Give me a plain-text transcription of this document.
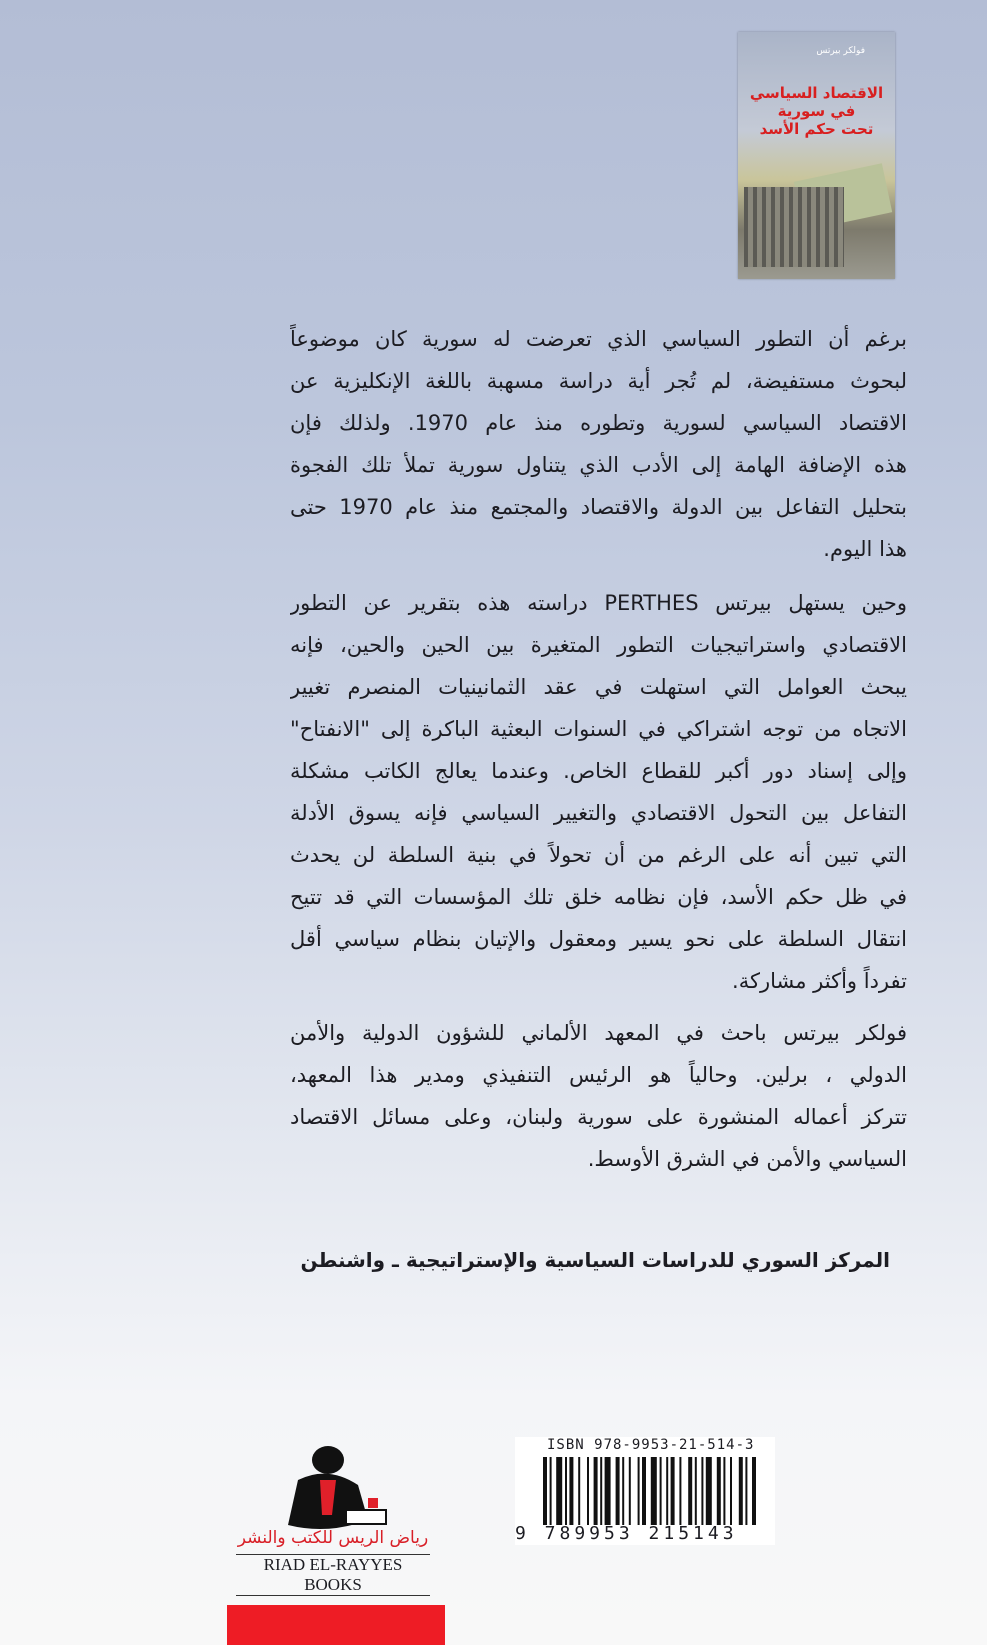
فولكر بيرتس
الاقتصاد السياسي
في سورية
تحت حكم الأسد
برغم أن التطور السياسي الذي تعرضت له سورية كان موضوعاً
لبحوث مستفيضة، لم تُجر أية دراسة مسهبة باللغة الإنكليزية عن
الاقتصاد السياسي لسورية وتطوره منذ عام 1970. ولذلك فإن
هذه الإضافة الهامة إلى الأدب الذي يتناول سورية تملأ تلك الفجوة
بتحليل التفاعل بين الدولة والاقتصاد والمجتمع منذ عام 1970 حتى
هذا اليوم.
وحين يستهل بيرتس PERTHES دراسته هذه بتقرير عن التطور
الاقتصادي واستراتيجيات التطور المتغيرة بين الحين والحين، فإنه
يبحث العوامل التي استهلت في عقد الثمانينيات المنصرم تغيير
الاتجاه من توجه اشتراكي في السنوات البعثية الباكرة إلى "الانفتاح"
وإلى إسناد دور أكبر للقطاع الخاص. وعندما يعالج الكاتب مشكلة
التفاعل بين التحول الاقتصادي والتغيير السياسي فإنه يسوق الأدلة
التي تبين أنه على الرغم من أن تحولاً في بنية السلطة لن يحدث
في ظل حكم الأسد، فإن نظامه خلق تلك المؤسسات التي قد تتيح
انتقال السلطة على نحو يسير ومعقول والإتيان بنظام سياسي أقل
تفرداً وأكثر مشاركة.
فولكر بيرتس باحث في المعهد الألماني للشؤون الدولية والأمن
الدولي ، برلين. وحالياً هو الرئيس التنفيذي ومدير هذا المعهد،
تتركز أعماله المنشورة على سورية ولبنان، وعلى مسائل الاقتصاد
السياسي والأمن في الشرق الأوسط.
المركز السوري للدراسات السياسية والإستراتيجية ـ واشنطن
رياض الريس للكتب والنشر
RIAD EL-RAYYES BOOKS
ISBN 978-9953-21-514-3
9 789953 215143
